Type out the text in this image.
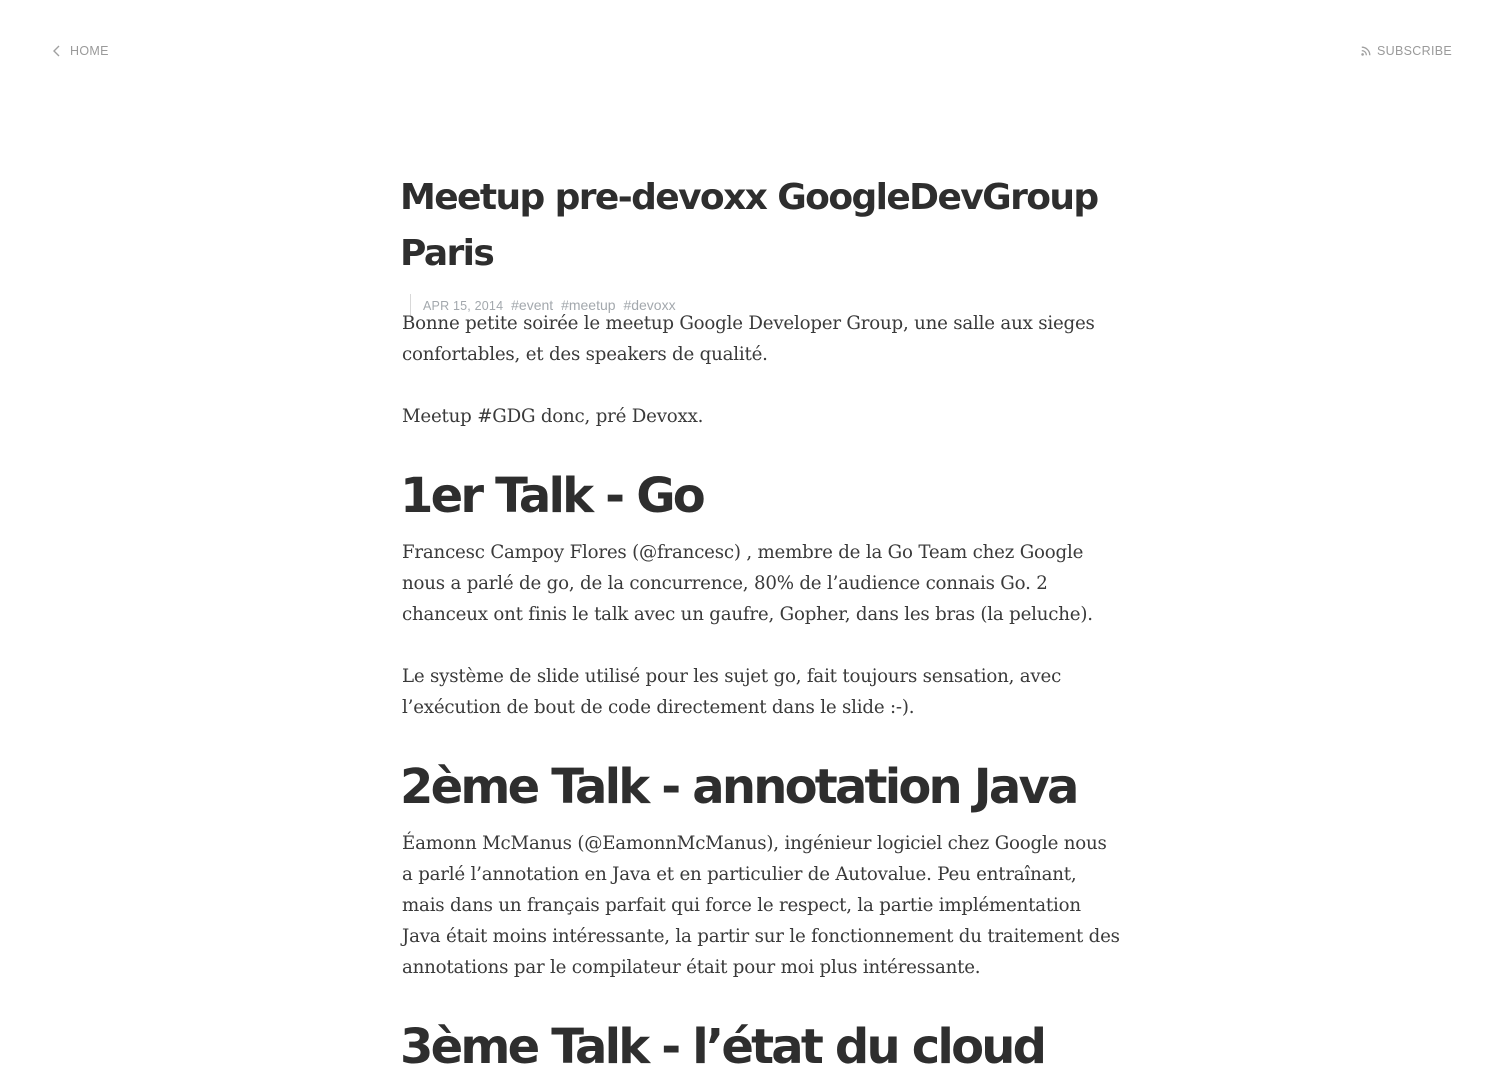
HOME	SUBSCRIBE
Meetup pre-devoxx GoogleDevGroup Paris
APR 15, 2014 #event #meetup #devoxx

Bonne petite soirée le meetup Google Developer Group, une salle aux sieges confortables, et des speakers de qualité.

Meetup #GDG donc, pré Devoxx.

1er Talk - Go

Francesc Campoy Flores (@francesc) , membre de la Go Team chez Google nous a parlé de go, de la concurrence, 80% de l’audience connais Go. 2 chanceux ont finis le talk avec un gaufre, Gopher, dans les bras (la peluche).

Le système de slide utilisé pour les sujet go, fait toujours sensation, avec l’exécution de bout de code directement dans le slide :-).

2ème Talk - annotation Java

Éamonn McManus (@EamonnMcManus), ingénieur logiciel chez Google nous a parlé l’annotation en Java et en particulier de Autovalue. Peu entraînant, mais dans un français parfait qui force le respect, la partie implémentation Java était moins intéressante, la partir sur le fonctionnement du traitement des annotations par le compilateur était pour moi plus intéressante.

3ème Talk - l’état du cloud
